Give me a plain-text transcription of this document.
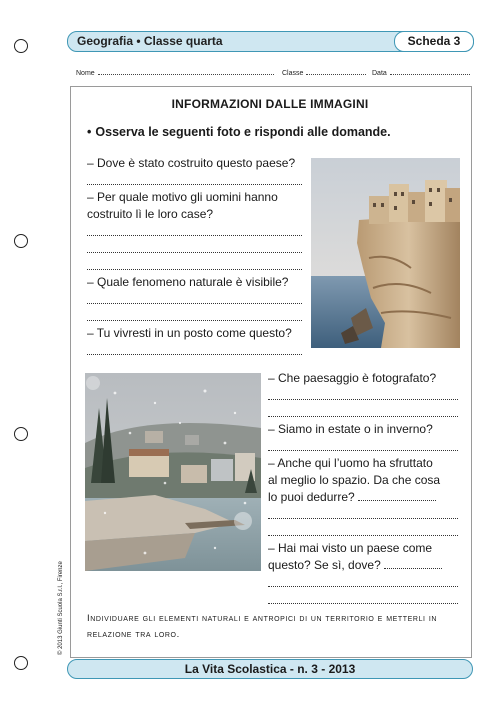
Geografia • Classe quarta	Scheda 3
Nome	Classe	Data
INFORMAZIONI DALLE IMMAGINI
• Osserva le seguenti foto e rispondi alle domande.
– Dove è stato costruito questo paese?
– Per quale motivo gli uomini hanno
costruito lì le loro case?
– Quale fenomeno naturale è visibile?
– Tu vivresti in un posto come questo?
– Che paesaggio è fotografato?
– Siamo in estate o in inverno?
– Anche qui l’uomo ha sfruttato
al meglio lo spazio. Da che cosa
lo puoi dedurre?
– Hai mai visto un paese come
questo? Se sì, dove?
Individuare gli elementi naturali e antropici di un territorio e metterli in relazione tra loro.
La Vita Scolastica - n. 3 - 2013
© 2013 Giunti Scuola S.r.l., Firenze
